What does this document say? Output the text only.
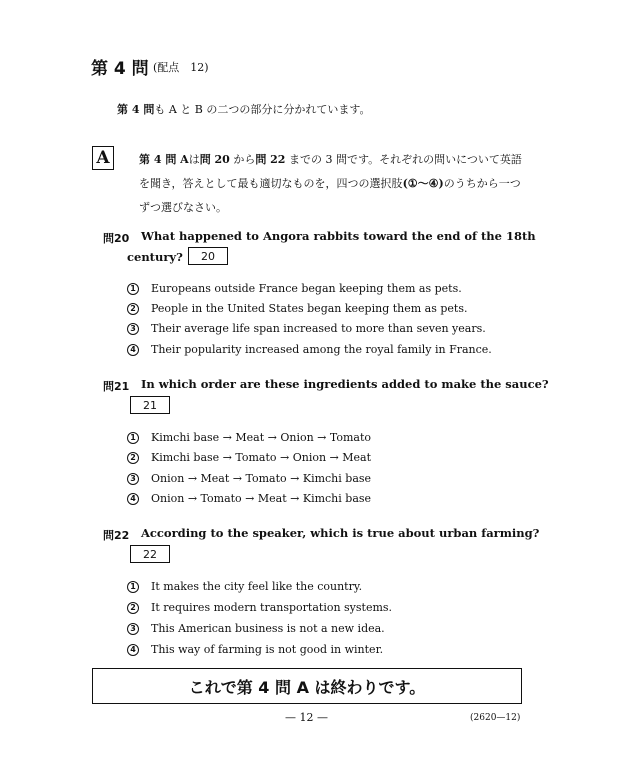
第 4 問 (配点　12)
第 4 問も A と B の二つの部分に分かれています。
A	第 4 問 Aは問 20 から問 22 までの 3 問です。それぞれの問いについて英語を聞き，答えとして最も適切なものを，四つの選択肢(①〜④)のうちから一つずつ選びなさい。
問20 What happened to Angora rabbits toward the end of the 18th
century?	20
1 Europeans outside France began keeping them as pets.
2 People in the United States began keeping them as pets.
3 Their average life span increased to more than seven years.
4 Their popularity increased among the royal family in France.
問21 In which order are these ingredients added to make the sauce?
21
1 Kimchi base → Meat → Onion → Tomato
2 Kimchi base → Tomato → Onion → Meat
3 Onion → Meat → Tomato → Kimchi base
4 Onion → Tomato → Meat → Kimchi base
問22 According to the speaker, which is true about urban farming?
22
1 It makes the city feel like the country.
2 It requires modern transportation systems.
3 This American business is not a new idea.
4 This way of farming is not good in winter.
これで第 4 問 A は終わりです。
— 12 —	(2620—12)
